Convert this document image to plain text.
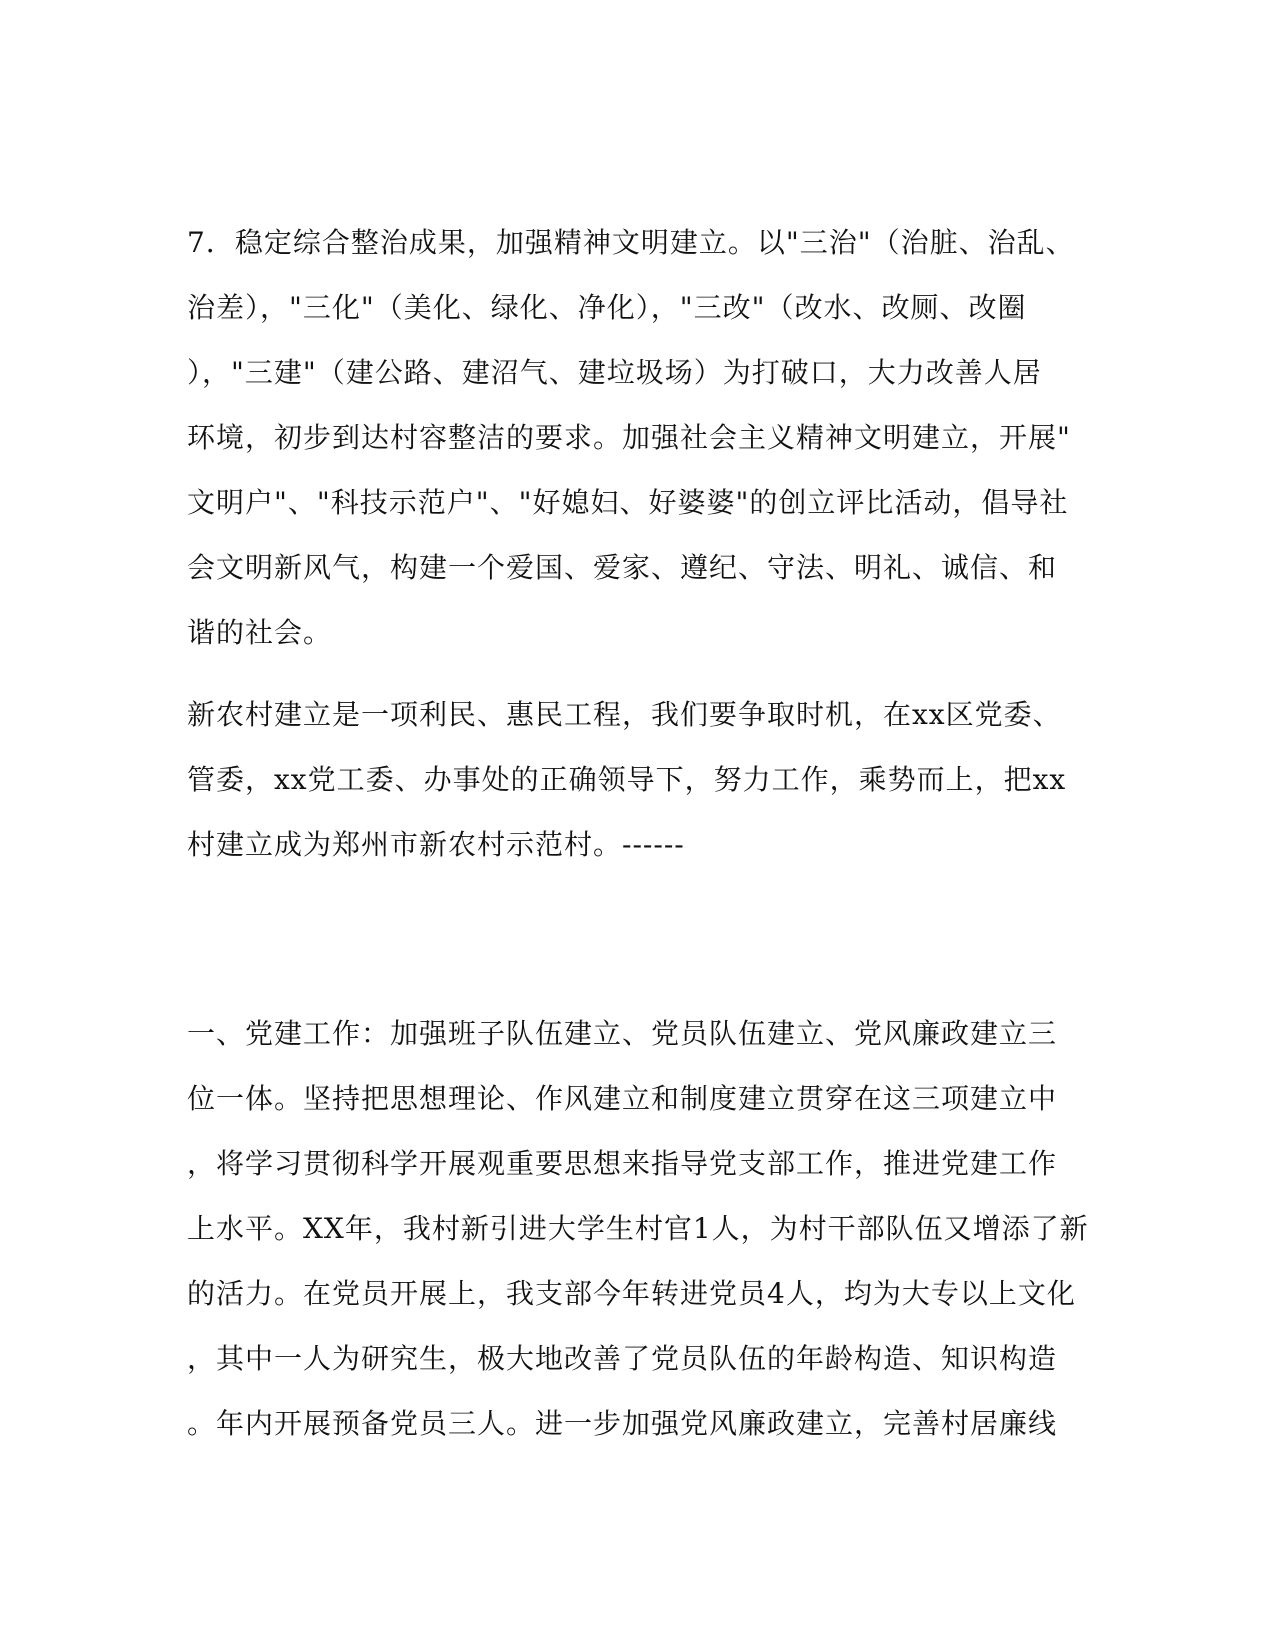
7．稳定综合整治成果，加强精神文明建立。以"三治"（治脏、治乱、
治差），"三化"（美化、绿化、净化），"三改"（改水、改厕、改圈
），"三建"（建公路、建沼气、建垃圾场）为打破口，大力改善人居
环境，初步到达村容整洁的要求。加强社会主义精神文明建立，开展"
文明户"、"科技示范户"、"好媳妇、好婆婆"的创立评比活动，倡导社
会文明新风气，构建一个爱国、爱家、遵纪、守法、明礼、诚信、和
谐的社会。
新农村建立是一项利民、惠民工程，我们要争取时机，在xx区党委、
管委，xx党工委、办事处的正确领导下，努力工作，乘势而上，把xx
村建立成为郑州市新农村示范村。------
一、党建工作：加强班子队伍建立、党员队伍建立、党风廉政建立三
位一体。坚持把思想理论、作风建立和制度建立贯穿在这三项建立中
，将学习贯彻科学开展观重要思想来指导党支部工作，推进党建工作
上水平。XX年，我村新引进大学生村官1人，为村干部队伍又增添了新
的活力。在党员开展上，我支部今年转进党员4人，均为大专以上文化
，其中一人为研究生，极大地改善了党员队伍的年龄构造、知识构造
。年内开展预备党员三人。进一步加强党风廉政建立，完善村居廉线
